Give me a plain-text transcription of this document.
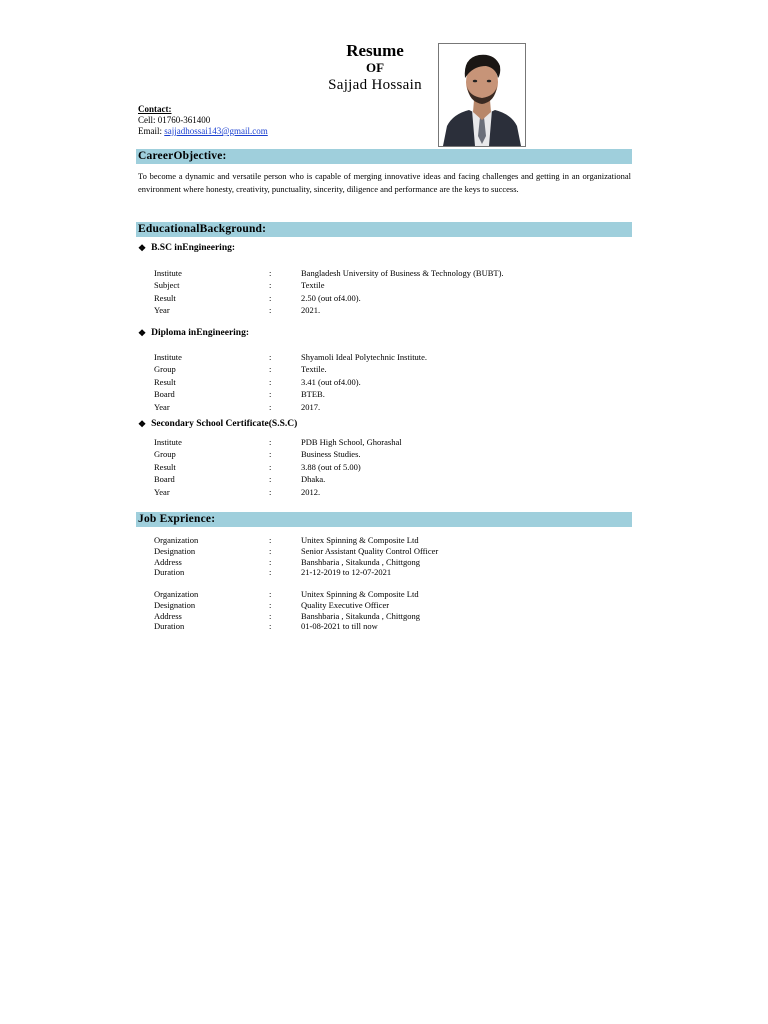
Resume
OF
Sajjad Hossain
Contact:
Cell: 01760-361400
Email: sajjadhossai143@gmail.com
CareerObjective:
To become a dynamic and versatile person who is capable of merging innovative ideas and facing challenges and getting in an organizational environment where honesty, creativity, punctuality, sincerity, diligence and performance are the keys to success.
EducationalBackground:
❖ B.SC inEngineering:
Institute	:	Bangladesh University of Business & Technology (BUBT).
Subject	:	Textile
Result	:	2.50 (out of4.00).
Year	:	2021.
❖ Diploma inEngineering:
Institute	:	Shyamoli Ideal Polytechnic Institute.
Group	:	Textile.
Result	:	3.41 (out of4.00).
Board	:	BTEB.
Year	:	2017.
❖ Secondary School Certificate(S.S.C)
Institute	:	PDB High School, Ghorashal
Group	:	Business Studies.
Result	:	3.88 (out of 5.00)
Board	:	Dhaka.
Year	:	2012.
Job Exprience:
Organization	:	Unitex Spinning & Composite Ltd
Designation	:	Senior Assistant Quality Control Officer
Address	:	Banshbaria , Sitakunda , Chittgong
Duration	:	21-12-2019 to 12-07-2021
Organization	:	Unitex Spinning & Composite Ltd
Designation	:	Quality Executive Officer
Address	:	Banshbaria , Sitakunda , Chittgong
Duration	:	01-08-2021 to till now
